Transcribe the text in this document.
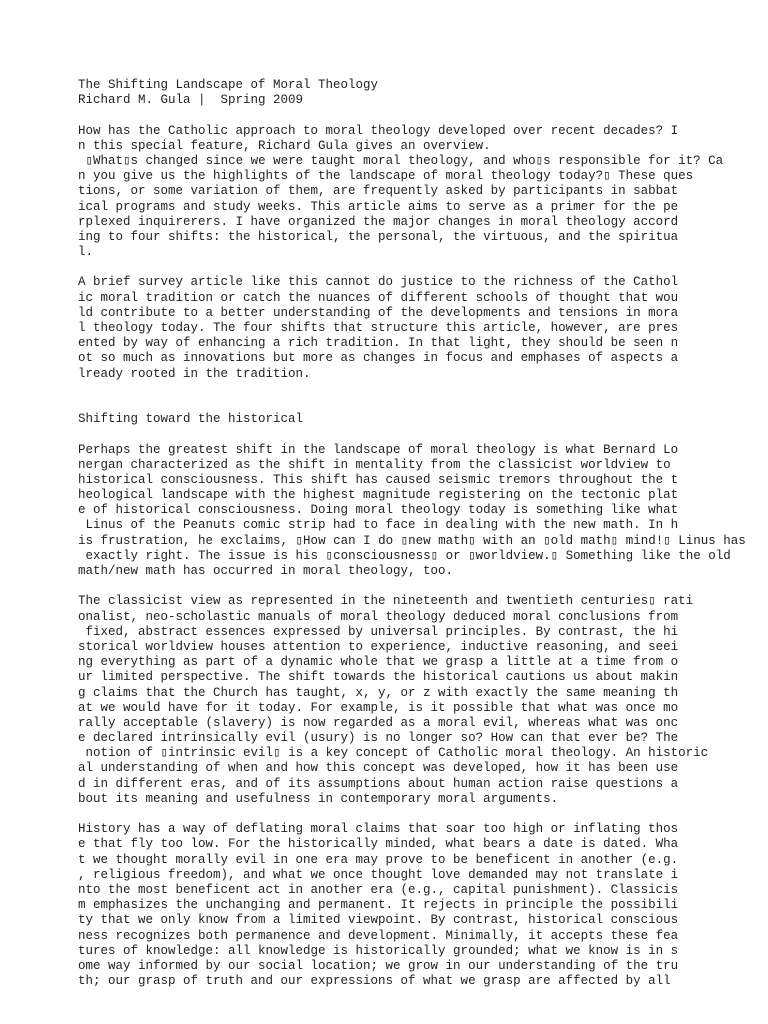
The Shifting Landscape of Moral Theology
Richard M. Gula |  Spring 2009
How has the Catholic approach to moral theology developed over recent decades? I
n this special feature, Richard Gula gives an overview.
▯What▯s changed since we were taught moral theology, and who▯s responsible for it? Ca
n you give us the highlights of the landscape of moral theology today?▯ These ques
tions, or some variation of them, are frequently asked by participants in sabbat
ical programs and study weeks. This article aims to serve as a primer for the pe
rplexed inquirerers. I have organized the major changes in moral theology accord
ing to four shifts: the historical, the personal, the virtuous, and the spiritua
l.
A brief survey article like this cannot do justice to the richness of the Cathol
ic moral tradition or catch the nuances of different schools of thought that wou
ld contribute to a better understanding of the developments and tensions in mora
l theology today. The four shifts that structure this article, however, are pres
ented by way of enhancing a rich tradition. In that light, they should be seen n
ot so much as innovations but more as changes in focus and emphases of aspects a
lready rooted in the tradition.
Shifting toward the historical
Perhaps the greatest shift in the landscape of moral theology is what Bernard Lo
nergan characterized as the shift in mentality from the classicist worldview to
historical consciousness. This shift has caused seismic tremors throughout the t
heological landscape with the highest magnitude registering on the tectonic plat
e of historical consciousness. Doing moral theology today is something like what
Linus of the Peanuts comic strip had to face in dealing with the new math. In h
is frustration, he exclaims, ▯How can I do ▯new math▯ with an ▯old math▯ mind!▯ Linus has
exactly right. The issue is his ▯consciousness▯ or ▯worldview.▯ Something like the old
math/new math has occurred in moral theology, too.
The classicist view as represented in the nineteenth and twentieth centuries▯ rati
onalist, neo-scholastic manuals of moral theology deduced moral conclusions from
fixed, abstract essences expressed by universal principles. By contrast, the hi
storical worldview houses attention to experience, inductive reasoning, and seei
ng everything as part of a dynamic whole that we grasp a little at a time from o
ur limited perspective. The shift towards the historical cautions us about makin
g claims that the Church has taught, x, y, or z with exactly the same meaning th
at we would have for it today. For example, is it possible that what was once mo
rally acceptable (slavery) is now regarded as a moral evil, whereas what was onc
e declared intrinsically evil (usury) is no longer so? How can that ever be? The
notion of ▯intrinsic evil▯ is a key concept of Catholic moral theology. An historic
al understanding of when and how this concept was developed, how it has been use
d in different eras, and of its assumptions about human action raise questions a
bout its meaning and usefulness in contemporary moral arguments.
History has a way of deflating moral claims that soar too high or inflating thos
e that fly too low. For the historically minded, what bears a date is dated. Wha
t we thought morally evil in one era may prove to be beneficent in another (e.g.
, religious freedom), and what we once thought love demanded may not translate i
nto the most beneficent act in another era (e.g., capital punishment). Classicis
m emphasizes the unchanging and permanent. It rejects in principle the possibili
ty that we only know from a limited viewpoint. By contrast, historical conscious
ness recognizes both permanence and development. Minimally, it accepts these fea
tures of knowledge: all knowledge is historically grounded; what we know is in s
ome way informed by our social location; we grow in our understanding of the tru
th; our grasp of truth and our expressions of what we grasp are affected by all
